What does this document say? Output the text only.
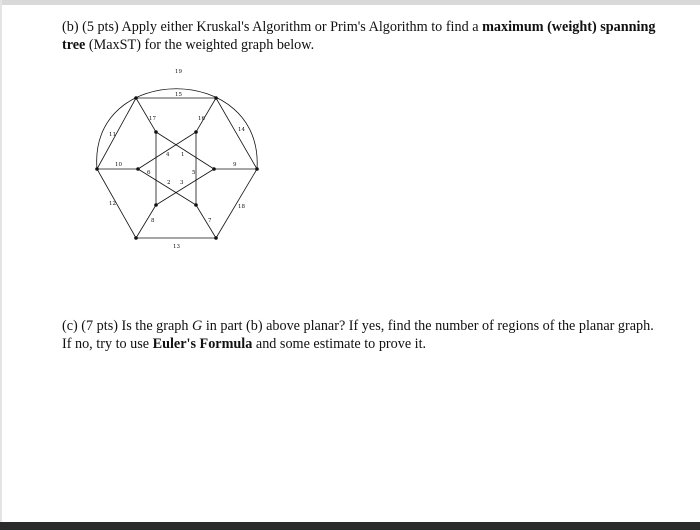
(b) (5 pts) Apply either Kruskal's Algorithm or Prim's Algorithm to find a maximum (weight) spanning tree (MaxST) for the weighted graph below.

19
15
11
14
17	16
10	9
12	18
13
4 1
6	5
2 3
8	7

(c) (7 pts) Is the graph G in part (b) above planar? If yes, find the number of regions of the planar graph. If no, try to use Euler's Formula and some estimate to prove it.
